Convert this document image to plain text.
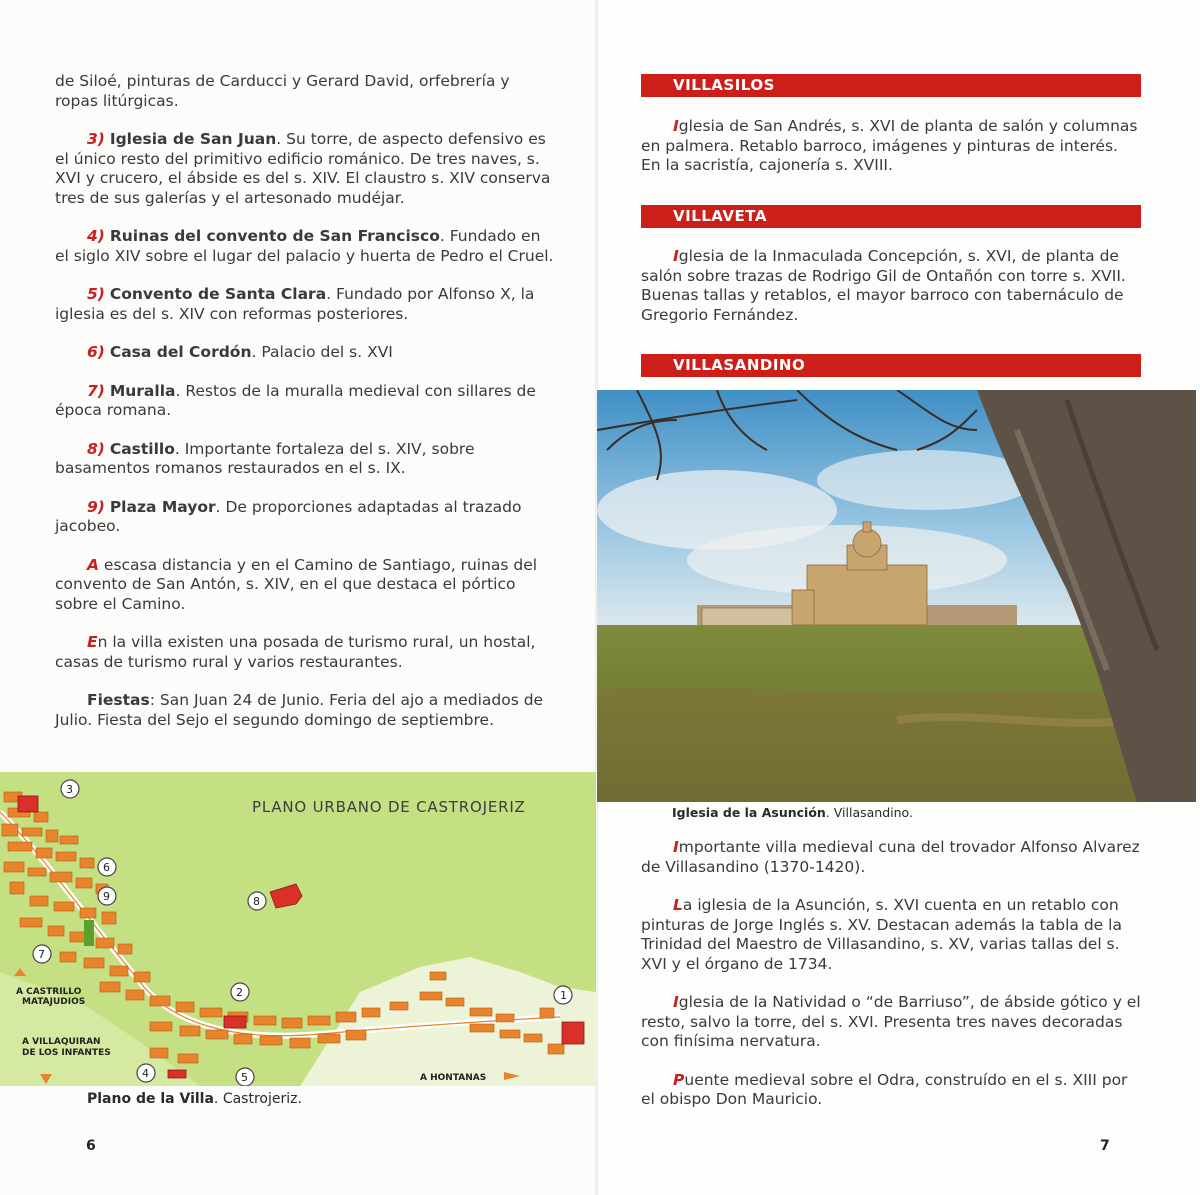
de Siloé, pinturas de Carducci y Gerard David, orfebrería y ropas litúrgicas.

3) Iglesia de San Juan. Su torre, de aspecto defensivo es el único resto del primitivo edificio románico. De tres naves, s. XVI y crucero, el ábside es del s. XIV. El claustro s. XIV conserva tres de sus galerías y el artesonado mudéjar.

4) Ruinas del convento de San Francisco. Fundado en el siglo XIV sobre el lugar del palacio y huerta de Pedro el Cruel.

5) Convento de Santa Clara. Fundado por Alfonso X, la iglesia es del s. XIV con reformas posteriores.

6) Casa del Cordón. Palacio del s. XVI

7) Muralla. Restos de la muralla medieval con sillares de época romana.

8) Castillo. Importante fortaleza del s. XIV, sobre basamentos romanos restaurados en el s. IX.

9) Plaza Mayor. De proporciones adaptadas al trazado jacobeo.

A escasa distancia y en el Camino de Santiago, ruinas del convento de San Antón, s. XIV, en el que destaca el pórtico sobre el Camino.

En la villa existen una posada de turismo rural, un hostal, casas de turismo rural y varios restaurantes.

Fiestas: San Juan 24 de Junio. Feria del ajo a mediados de Julio. Fiesta del Sejo el segundo domingo de septiembre.

3
6
9
7
8
2	1
4	5
A CASTRILLO
MATAJUDIOS
A VILLAQUIRAN
DE LOS INFANTES
A HONTANAS
PLANO URBANO DE CASTROJERIZ
Plano de la Villa. Castrojeriz.
6
VILLASILOS

Iglesia de San Andrés, s. XVI de planta de salón y columnas en palmera. Retablo barroco, imágenes y pinturas de interés. En la sacristía, cajonería s. XVIII.

VILLAVETA

Iglesia de la Inmaculada Concepción, s. XVI, de planta de salón sobre trazas de Rodrigo Gil de Ontañón con torre s. XVII. Buenas tallas y retablos, el mayor barroco con tabernáculo de Gregorio Fernández.

VILLASANDINO
Iglesia de la Asunción. Villasandino.

Importante villa medieval cuna del trovador Alfonso Alvarez de Villasandino (1370-1420).

La iglesia de la Asunción, s. XVI cuenta en un retablo con pinturas de Jorge Inglés s. XV. Destacan además la tabla de la Trinidad del Maestro de Villasandino, s. XV, varias tallas del s. XVI y el órgano de 1734.

Iglesia de la Natividad o “de Barriuso”, de ábside gótico y el resto, salvo la torre, del s. XVI. Presenta tres naves decoradas con finísima nervatura.

Puente medieval sobre el Odra, construído en el s. XIII por el obispo Don Mauricio.

7
